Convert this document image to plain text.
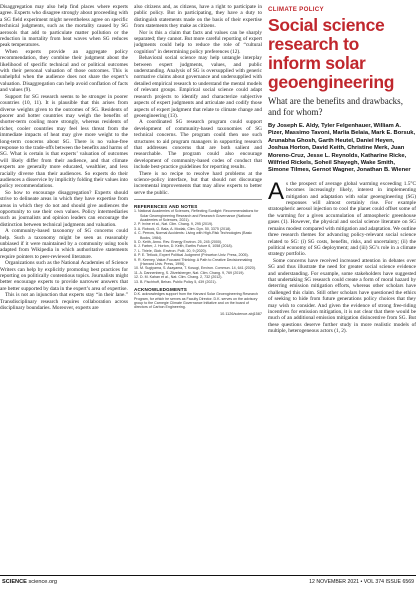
Disaggregation may also help find places where experts agree. Experts who disagree strongly about proceeding with a SG field experiment might nevertheless agree on specific technical judgments, such as the mortality caused by SG aerosols that add to particulate matter pollution or the reduction in mortality from heat waves when SG reduces peak temperatures.

When experts provide an aggregate policy recommendation, they combine their judgment about the likelihood of specific technical and or political outcomes with their personal valuation of those outcomes. This is unhelpful when the audience does not share the expert’s valuation. Disaggregation can help avoid conflation of facts and values (9).

Support for SG research seems to be stronger in poorer countries (10, 11). It is plausible that this arises from diverse weights given to the outcomes of SG. Residents of poorer and hotter countries may weigh the benefits of shorter-term cooling more strongly, whereas residents of richer, cooler countries may feel less threat from the immediate impacts of heat may give more weight to the long-term concerns about SG. There is no value-free response to the trade-offs between the benefits and harms of SG. What is certain is that experts’ valuation of outcomes will likely differ from their audience, and that climate experts are generally more educated, wealthier, and less racially diverse than their audiences. So experts do their audiences a disservice by implicitly folding their values into policy recommendations.

So how to encourage disaggregation? Experts should strive to delineate areas in which they have expertise from areas in which they do not and should give audiences the opportunity to use their own values. Policy intermediaries such as journalists and opinion leaders can encourage the distinction between technical judgments and valuation.

A community-based taxonomy of SG concerns could help. Such a taxonomy might be seen as reasonably unbiased if it were maintained by a community using tools adapted from Wikipedia in which authoritative statements require pointers to peer-reviewed literature.

Organizations such as the National Academies of Science Writers can help by explicitly promoting best practices for reporting on politically contentious topics. Journalists might better encourage experts to provide narrower answers that are better supported by data in the expert’s area of expertise.

This is not an injunction that experts stay “in their lane.” Transdisciplinary research requires collaboration across disciplinary boundaries. Moreover, experts are

also citizens and, as citizens, have a right to participate in public policy. But in participating, they have a duty to distinguish statements made on the basis of their expertise from statements they make as citizens.

Nor is this a claim that facts and values can be sharply separated; they cannot. But more careful reporting of expert judgments could help to reduce the role of “cultural cognition” in determining policy preferences (12).

Behavioral social science may help untangle interplay between expert judgments, values, and public understanding. Analysis of SG is oversupplied with generic normative claims about governance and undersupplied with detailed empirical research to understand the mental models of relevant groups. Empirical social science could adapt research projects to identify and characterize subjective aspects of expert judgments and articulate and codify those aspects of expert judgment that relate to climate change and geoengineering (13).

A coordinated SG research program could support development of community-based taxonomies of SG technical concerns. The program could then use such structures to aid program managers in supporting research that addresses concerns that are both salient and researchable. The program could also encourage development of community-based codes of conduct that include best-practice guidelines for reporting results.

There is no recipe to resolve hard problems at the science-policy interface, but that should not discourage incremental improvements that may allow experts to better serve the public.

REFERENCES AND NOTES

1. National Academies of Sciences, Reflecting Sunlight: Recommendations for Solar Geoengineering Research and Research Governance (National Academies of Sciences, 2021).

2. P. Irvine et al., Nat. Clim. Chang. 9, 295 (2019).

3. A. Robock, G. Bala, A. Modak, Clim. Dyn. 50, 3375 (2018).

4. C. Perrow, Normal Accidents: Living with High-Risk Technologies (Basic Books, 1984).

5. D. Keith, Annu. Rev. Energy Environ. 25, 245 (2000).

6. J. Farber, J. Horton, D. Keith, Earths Future 6, 1058 (2018).

7. L. Thiele, Glob. Environ. Polit. 20, 9 (2020).

8. P. E. Tetlock, Expert Political Judgment (Princeton Univ. Press, 2005).

9. R. Keeney, Value-Focused Thinking: A Path to Creative Decisionmaking (Harvard Univ. Press, 1996).

10. M. Sugiyama, S. Asayama, T. Kosugi, Environ. Commun. 14, 641 (2020).

11. A. Dannenberg, S. Zitzelsberger, Nat. Clim. Chang. 9, 769 (2019).

12. D. M. Kahan et al., Nat. Clim. Chang. 2, 732 (2012).

13. B. Fischhoff, Behav. Public Policy 5, 439 (2021).

ACKNOWLEDGMENTS

D.K. acknowledges support from the Harvard Solar Geoengineering Research Program, for which he serves as Faculty Director. D.K. serves on the advisory group to the Carnegie Climate Governance Initiative and on the board of directors of Carbon Engineering.

10.1126/science.abj1587
CLIMATE POLICY
Social science research to inform solar geoengineering
What are the benefits and drawbacks, and for whom?
By Joseph E. Aldy, Tyler Felgenhauer, William A. Pizer, Massimo Tavoni, Marlia Belaia, Mark E. Borsuk, Arunabha Ghosh, Garth Heutel, Daniel Heyen, Joshua Horton, David Keith, Christine Merk, Juan Moreno-Cruz, Jesse L. Reynolds, Katharine Ricke, Wilfried Rickels, Soheil Shayegh, Wake Smith, Simone Tilmes, Gernot Wagner, Jonathan B. Wiener

As the prospect of average global warming exceeding 1.5°C becomes increasingly likely, interest in implementing mitigation and adaptation with solar geoengineering (SG) responses will almost certainly rise. For example stratospheric aerosol injection to cool the planet could offset some of the warming for a given accumulation of atmospheric greenhouse gases (1). However, the physical and social science literature on SG remains modest compared with mitigation and adaptation. We outline three research themes for advancing policy-relevant social science related to SG: (i) SG costs, benefits, risks, and uncertainty; (ii) the political economy of SG deployment; and (iii) SG’s role in a climate strategy portfolio.

Some concerns have received increased attention in debates over SG and thus illustrate the need for greater social science evidence and understanding. For example, some stakeholders have suggested that undertaking SG research could create a form of moral hazard by deterring emission mitigation efforts, whereas other scholars have challenged this claim. Still other scholars have questioned the ethics of seeking to hide from future generations policy choices that they may wish to consider. And given the evidence of strong free-riding incentives for emission mitigation, it is not clear that there would be much of an additional emission mitigation disincentive from SG. But these questions deserve further study in more realistic models of multiple, heterogeneous actors (1, 2).

SCIENCE science.org	12 NOVEMBER 2021 • VOL 374 ISSUE 6569
